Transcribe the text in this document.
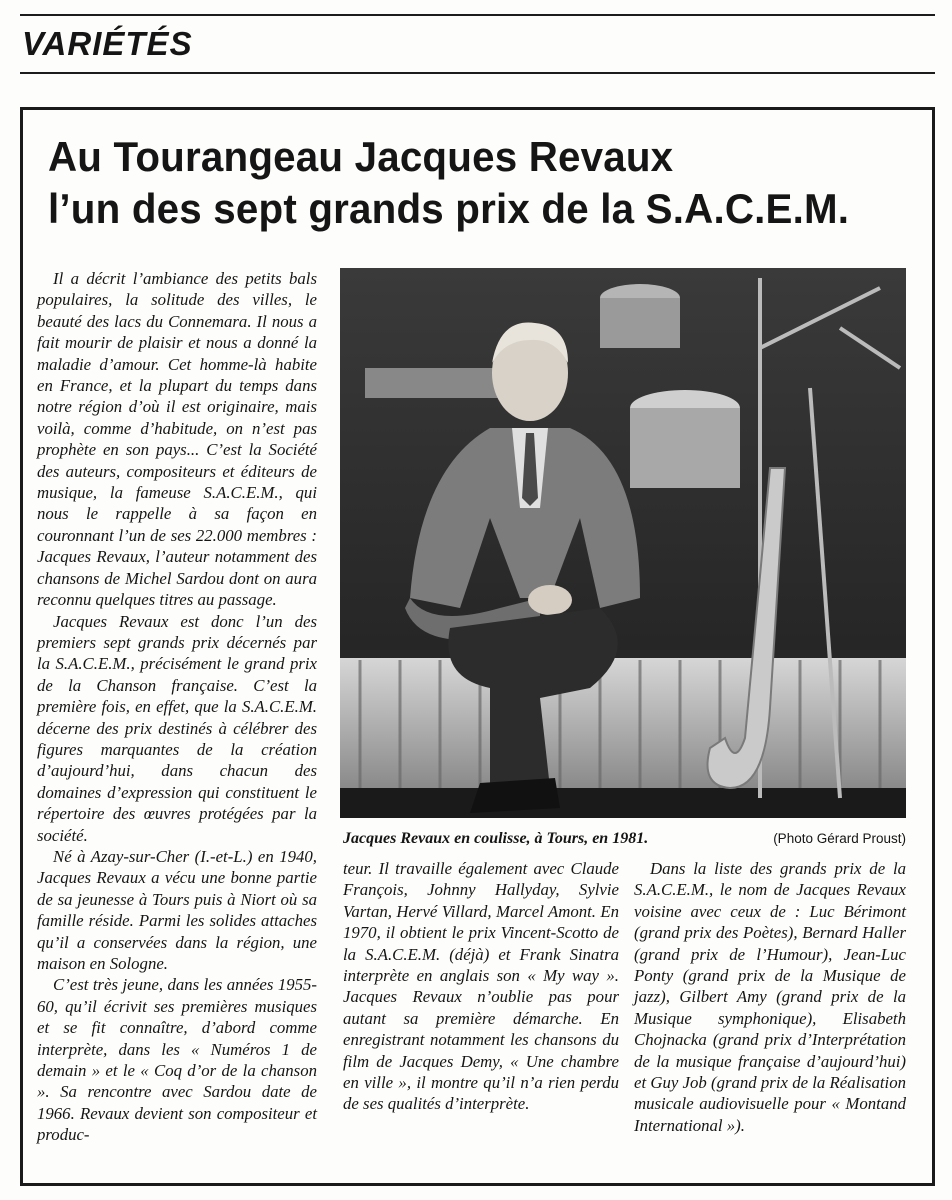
VARIÉTÉS
Au Tourangeau Jacques Revaux
l’un des sept grands prix de la S.A.C.E.M.

Il a décrit l’ambiance des petits bals populaires, la solitude des villes, le beauté des lacs du Connemara. Il nous a fait mourir de plaisir et nous a donné la maladie d’amour. Cet homme-là habite en France, et la plupart du temps dans notre région d’où il est originaire, mais voilà, comme d’habitude, on n’est pas prophète en son pays... C’est la Société des auteurs, compositeurs et éditeurs de musique, la fameuse S.A.C.E.M., qui nous le rappelle à sa façon en couronnant l’un de ses 22.000 membres : Jacques Revaux, l’auteur notamment des chansons de Michel Sardou dont on aura reconnu quelques titres au passage.

Jacques Revaux est donc l’un des premiers sept grands prix décernés par la S.A.C.E.M., précisément le grand prix de la Chanson française. C’est la première fois, en effet, que la S.A.C.E.M. décerne des prix destinés à célébrer des figures marquantes de la création d’aujourd’hui, dans chacun des domaines d’expression qui constituent le répertoire des œuvres protégées par la société.

Né à Azay-sur-Cher (I.-et-L.) en 1940, Jacques Revaux a vécu une bonne partie de sa jeunesse à Tours puis à Niort où sa famille réside. Parmi les solides attaches qu’il a conservées dans la région, une maison en Sologne.

C’est très jeune, dans les années 1955-60, qu’il écrivit ses premières musiques et se fit connaître, d’abord comme interprète, dans les « Numéros 1 de demain » et le « Coq d’or de la chanson ». Sa rencontre avec Sardou date de 1966. Revaux devient son compositeur et produc-

Jacques Revaux en coulisse, à Tours, en 1981.	(Photo Gérard Proust)

teur. Il travaille également avec Claude François, Johnny Hallyday, Sylvie Vartan, Hervé Villard, Marcel Amont. En 1970, il obtient le prix Vincent-Scotto de la S.A.C.E.M. (déjà) et Frank Sinatra interprète en anglais son « My way ». Jacques Revaux n’oublie pas pour autant sa première démarche. En enregistrant notamment les chansons du film de Jacques Demy, « Une chambre en ville », il montre qu’il n’a rien perdu de ses qualités d’interprète.

Dans la liste des grands prix de la S.A.C.E.M., le nom de Jacques Revaux voisine avec ceux de : Luc Bérimont (grand prix des Poètes), Bernard Haller (grand prix de l’Humour), Jean-Luc Ponty (grand prix de la Musique de jazz), Gilbert Amy (grand prix de la Musique symphonique), Elisabeth Chojnacka (grand prix d’Interprétation de la musique française d’aujourd’hui) et Guy Job (grand prix de la Réalisation musicale audiovisuelle pour « Montand International »).
